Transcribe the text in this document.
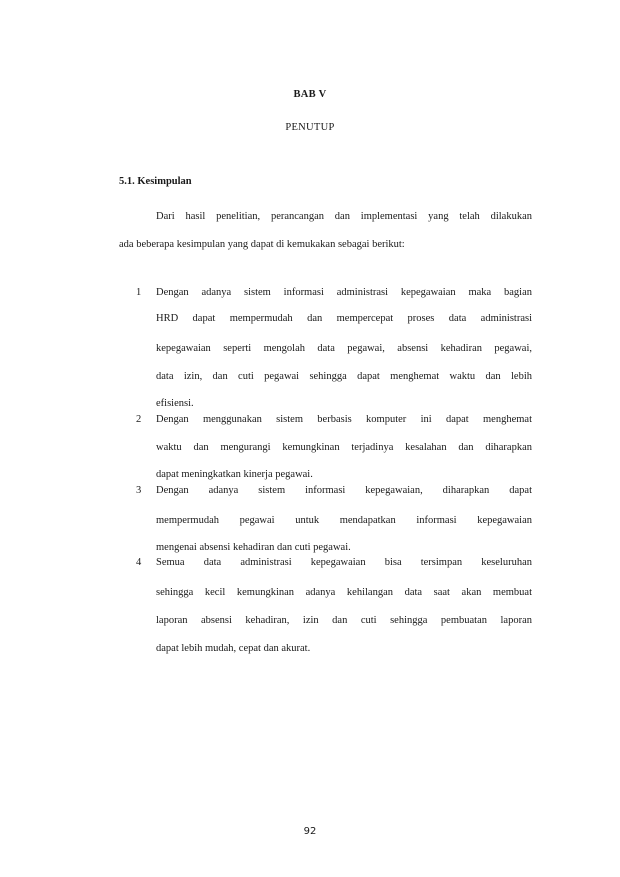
BAB V
PENUTUP
5.1. Kesimpulan
Dari hasil penelitian, perancangan dan implementasi yang telah dilakukan
ada beberapa kesimpulan yang dapat di kemukakan sebagai berikut:
1	Dengan adanya sistem informasi administrasi kepegawaian maka bagian
HRD dapat mempermudah dan mempercepat proses data administrasi
kepegawaian seperti mengolah data pegawai, absensi kehadiran pegawai,
data izin, dan cuti pegawai sehingga dapat menghemat waktu dan lebih
efisiensi.
2	Dengan menggunakan sistem berbasis komputer ini dapat menghemat
waktu dan mengurangi kemungkinan terjadinya kesalahan dan diharapkan
dapat meningkatkan kinerja pegawai.
3	Dengan adanya sistem informasi kepegawaian, diharapkan dapat
mempermudah pegawai untuk mendapatkan informasi kepegawaian
mengenai absensi kehadiran dan cuti pegawai.
4	Semua data administrasi kepegawaian bisa tersimpan keseluruhan
sehingga kecil kemungkinan adanya kehilangan data saat akan membuat
laporan absensi kehadiran, izin dan cuti sehingga pembuatan laporan
dapat lebih mudah, cepat dan akurat.
92
